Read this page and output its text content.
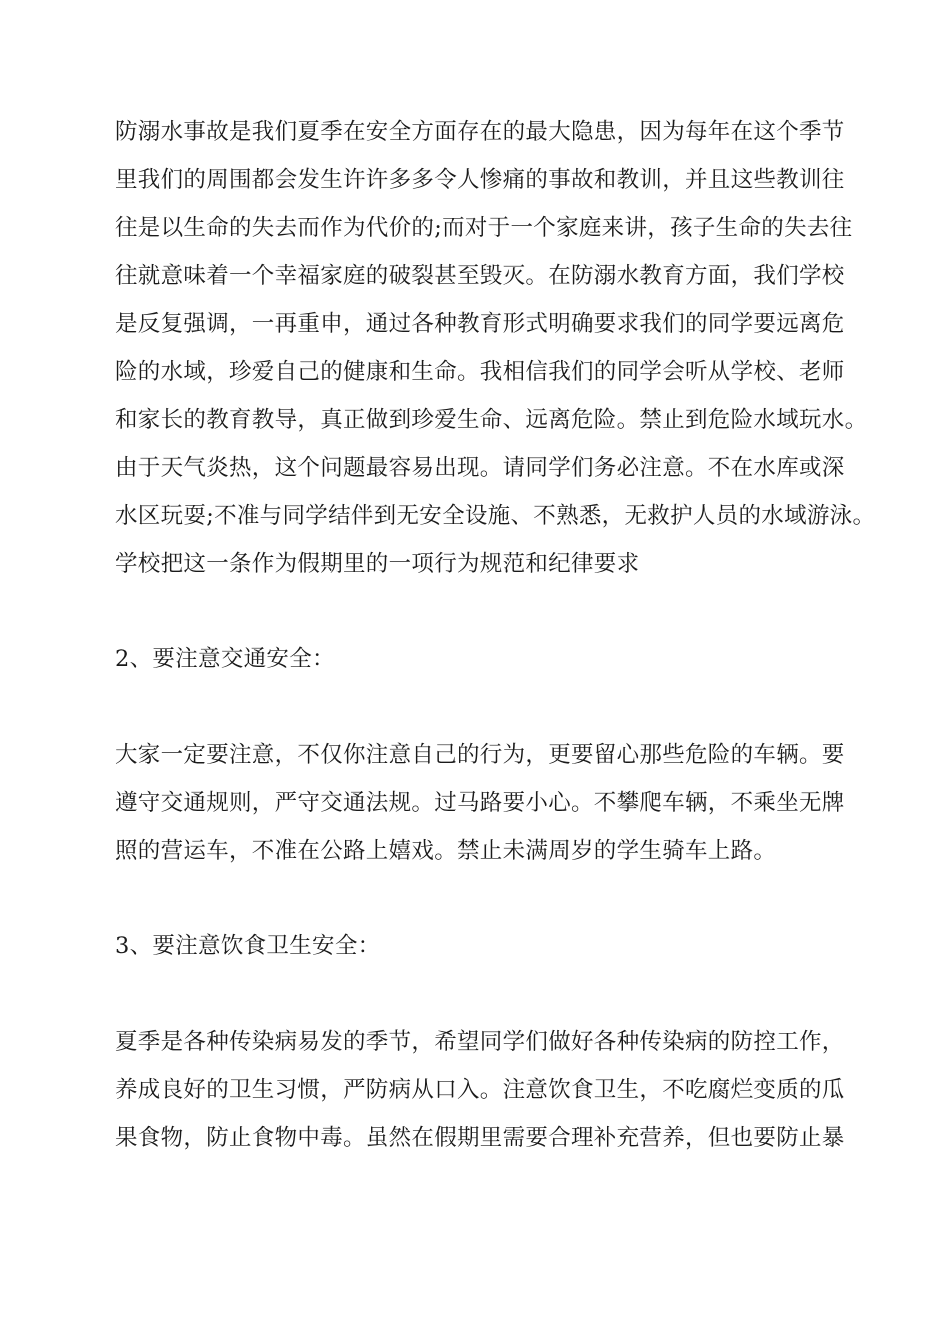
防溺水事故是我们夏季在安全方面存在的最大隐患，因为每年在这个季节
里我们的周围都会发生许许多多令人惨痛的事故和教训，并且这些教训往
往是以生命的失去而作为代价的;而对于一个家庭来讲，孩子生命的失去往
往就意味着一个幸福家庭的破裂甚至毁灭。在防溺水教育方面，我们学校
是反复强调，一再重申，通过各种教育形式明确要求我们的同学要远离危
险的水域，珍爱自己的健康和生命。我相信我们的同学会听从学校、老师
和家长的教育教导，真正做到珍爱生命、远离危险。禁止到危险水域玩水。
由于天气炎热，这个问题最容易出现。请同学们务必注意。不在水库或深
水区玩耍;不准与同学结伴到无安全设施、不熟悉，无救护人员的水域游泳。
学校把这一条作为假期里的一项行为规范和纪律要求
2、要注意交通安全：
大家一定要注意，不仅你注意自己的行为，更要留心那些危险的车辆。要
遵守交通规则，严守交通法规。过马路要小心。不攀爬车辆，不乘坐无牌
照的营运车，不准在公路上嬉戏。禁止未满周岁的学生骑车上路。
3、要注意饮食卫生安全：
夏季是各种传染病易发的季节，希望同学们做好各种传染病的防控工作，
养成良好的卫生习惯，严防病从口入。注意饮食卫生，不吃腐烂变质的瓜
果食物，防止食物中毒。虽然在假期里需要合理补充营养，但也要防止暴
